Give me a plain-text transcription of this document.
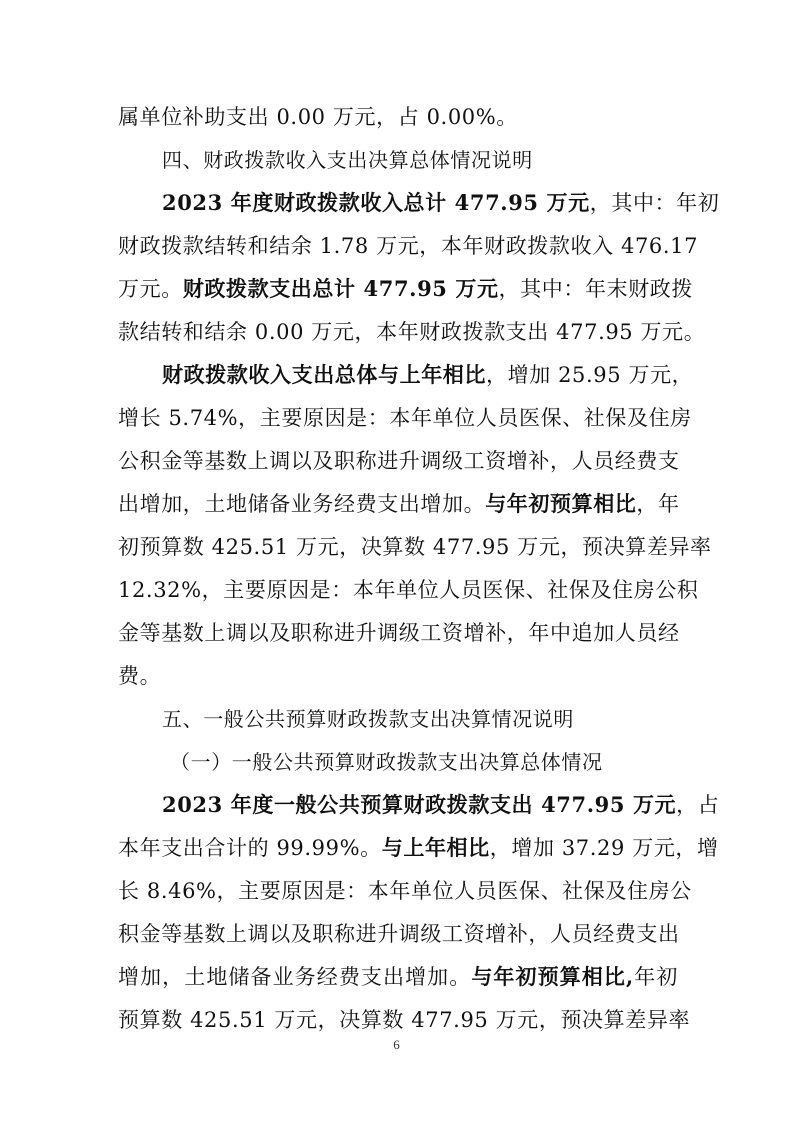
属单位补助支出 0.00 万元，占 0.00%。
四、财政拨款收入支出决算总体情况说明
2023 年度财政拨款收入总计 477.95 万元，其中：年初
财政拨款结转和结余 1.78 万元，本年财政拨款收入 476.17
万元。财政拨款支出总计 477.95 万元，其中：年末财政拨
款结转和结余 0.00 万元，本年财政拨款支出 477.95 万元。
财政拨款收入支出总体与上年相比，增加 25.95 万元，
增长 5.74%，主要原因是：本年单位人员医保、社保及住房
公积金等基数上调以及职称进升调级工资增补，人员经费支
出增加，土地储备业务经费支出增加。与年初预算相比，年
初预算数 425.51 万元，决算数 477.95 万元，预决算差异率
12.32%，主要原因是：本年单位人员医保、社保及住房公积
金等基数上调以及职称进升调级工资增补，年中追加人员经
费。
五、一般公共预算财政拨款支出决算情况说明
（一）一般公共预算财政拨款支出决算总体情况
2023 年度一般公共预算财政拨款支出 477.95 万元，占
本年支出合计的 99.99%。与上年相比，增加 37.29 万元，增
长 8.46%，主要原因是：本年单位人员医保、社保及住房公
积金等基数上调以及职称进升调级工资增补，人员经费支出
增加，土地储备业务经费支出增加。与年初预算相比,年初
预算数 425.51 万元，决算数 477.95 万元，预决算差异率
6
